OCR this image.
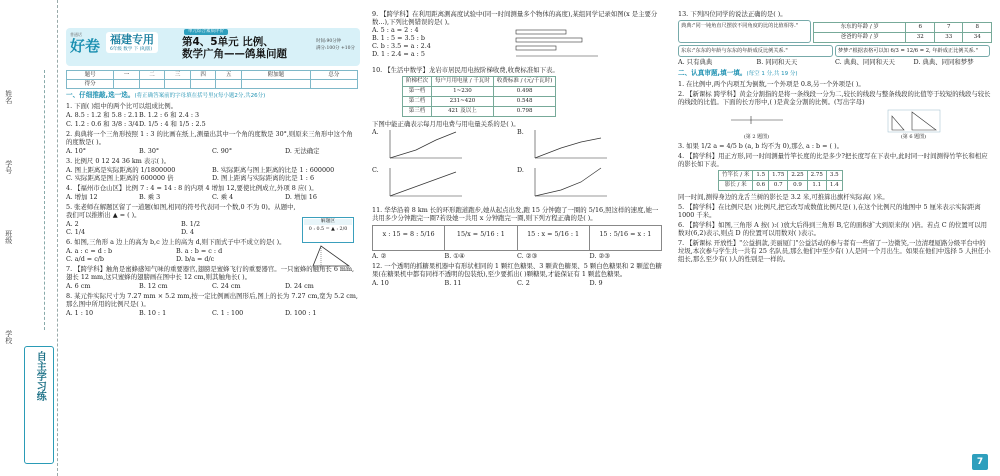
姓名
学号
班级
学校
自主学习练
普通话
好卷 福建专用
6年级 数学 下 (RJ版)
单元综合素质评价
第4、5单元 比例、
数学广角——鸽巢问题
时间:90分钟
满分:100分 +10分
题号	一	二	三	四	五	附加题	总分
得分							
一、仔细推敲,选一选。(将正确答案前的字母填在括号里)(每小题2分,共26分)
1. 下面( )组中的两个比可以组成比例。
A. 8.5 : 1.2 和 5.8 : 2.1 B. 1.2 : 6 和 2.4 : 3
C. 1.2 : 0.6 和 3/8 : 3/4 D. 1/5 : 4 和 1/5 : 2.5
2. 典典将一个三角形按照 1 : 3 的比画在纸上,测量出其中一个角的度数是 30°,则原来三角形中这个角的度数是( )。
A. 10°	B. 30°	C. 90°	D. 无法确定
3. 比例尺 0 12 24 36 km 表示( )。
A. 图上距离是实际距离的 1/1800000	B. 实际距离与图上距离的比是 1 : 600000
C. 实际距离是图上距离的 600000 倍	D. 图上距离与实际距离的比是 1 : 6
4. 【福州市仓山区】比例 7 : 4 = 14 : 8 的内项 4 增加 12,要使比例成立,外项 8 应( )。
A. 增加 12	B. 乘 3	C. 乘 4	D. 增加 16
5. 张老师在解题区留了一道题(如图,相同的符号代表同一个数,0 不为 0)。从题中,我们可以推断出 ▲ = ( )。
A. 2	B. 1/2
C. 1/4	D. 4
解题区
0 : 0.5 = ▲ : 2/0
6. 如图,三角形 a 边上的高为 b,c 边上的高为 d,则下面式子中不成立的是( )。
A. a : c = d : b	B. a : b = c : d
C. a/d = c/b	D. b/a = d/c
7. 【跨学科】触角是蜜蜂感知气味的重要器官,翅膀是蜜蜂飞行的重要器官。一只蜜蜂的触角长 6 mm,翅长 12 mm,这只蜜蜂的翅膀画在图中长 12 cm,则其触角长( )。
A. 6 cm	B. 12 cm	C. 24 cm	D. 24 cm
8. 某元件实际尺寸为 7.27 mm × 5.2 mm,按一定比例画出图形后,图上的长为 7.27 cm,宽为 5.2 cm,那么图中所用的比例尺是( )。
A. 1 : 10	B. 10 : 1	C. 1 : 100	D. 100 : 1
9. 【跨学科】在利用距离测高度试验中(同一时间测量多个物体的高度),某组同学记录如图(x 是主要分数...),下列比例错误的是( )。
A. 5 : a = 2 : 4
B. 1 : 5 = 3.5 : b
C. b : 3.5 = a : 2.4
D. 1 : 2.4 = a : 5
10. 【生活中数学】龙岩市居民用电按阶梯收费,收费标准如下表。
阶梯栏次	每户月用电量 / 千瓦时	收费标准 / (元/千瓦时)
第一档	1~230	0.498
第二档	231~420	0.548
第三档	421 及以上	0.798
下图中能正确表示每月用电费与用电量关系的是( )。
A.	B.
C.	D.
11. 华华沿着 8 km 长的环形跑道跑步,她从起点出发,跑 15 分钟跑了一圈的 5/16,照这样的速度,她一共用多少分钟跑完一圈?若设她一共用 x 分钟跑完一圈,则下列方程正确的是( )。
x : 15 = 8 : 5/16	15/x = 5/16 : 1	15 : x = 5/16 : 1	15 : 5/16 = x : 1
A. ②	B. ①④	C. ②③	D. ②③
12. 一个透明的抓糖果机器中有形状相同的 1 颗红色糖果、3 颗黄色糖果、5 颗白色糖果和 2 颗蓝色糖果(在糖果机中都有同样不透明的包装纸),至少要抓出( )颗糖果,才能保证有 1 颗蓝色糖果。
A. 10	B. 11	C. 2	D. 9
13. 下列四位同学的说法正确的是( )。
典典:"同一钝角直尺摆放不同角度的比的比值相等."	东东的年龄 / 岁	6	7	8
爸爸的年龄 / 岁	32	33	34
东东:"东东的年龄与东东的年龄成反比例关系."	梦梦:"根据表格可以知 6/3 = 12/6 = 2, 年龄成正比例关系."
A. 只有典典	B. 同同和天天	C. 典典、同同和天天	D. 典典、同同和梦梦
二、认真审题,填一填。(每空 1 分,共 19 分)
1. 在比例中,两个内项互为倒数,一个外项是 0.8,另一个外项是( )。
2. 【新课标 跨学科】黄金分割指的是将一条线段一分为二,较长的线段与整条线段的比值等于较短的线段与较长的线段的比值。下面的长方形中,( )是黄金分割的比例。(写出字母)
(第 2 题图)	(第 6 题图)
3. 如果 1/2 a = 4/5 b (a, b 均不为 0),那么 a : b = ( )。
4. 【跨学科】用正方形,同一时间测量竹竿长度的比是多少?把长度写在下表中,此时同一时间测得竹竿长和相应的影长如下表。
竹竿长 / 米	1.5	1.75	2.25	2.75	3.5
影长 / 米	0.6	0.7	0.9	1.1	1.4
同一时间,测得身边的龙舌兰树的影长是 3.2 米,可推算出旗杆实际高( )米。
5. 【跨学科】在比例尺是( )比例尺,把它改写成数值比例尺是( ),在这个比例尺的地图中 5 厘米表示实际距离 1000 千米。
6. 【跨学科】如图,三角形 A 按( ):( )放大后得到三角形 B,它的面积扩大到原来的( )倍。若点 C 的位置可以用数对(6,2)表示,则点 D 的位置可以用数对( )表示。
7. 【新课标 开放性】"公益捐款,美丽厦门"公益活动的参与者有一些留了一边微笑,一边清理厦路分级平台中的垃圾,本次参与学生共一共有 25 名队员,那么他们中至少有( )人是同一个月出生。如果在他们中选择 5 人担任小组长,那么至少有( )人的性别是一样的。
7
